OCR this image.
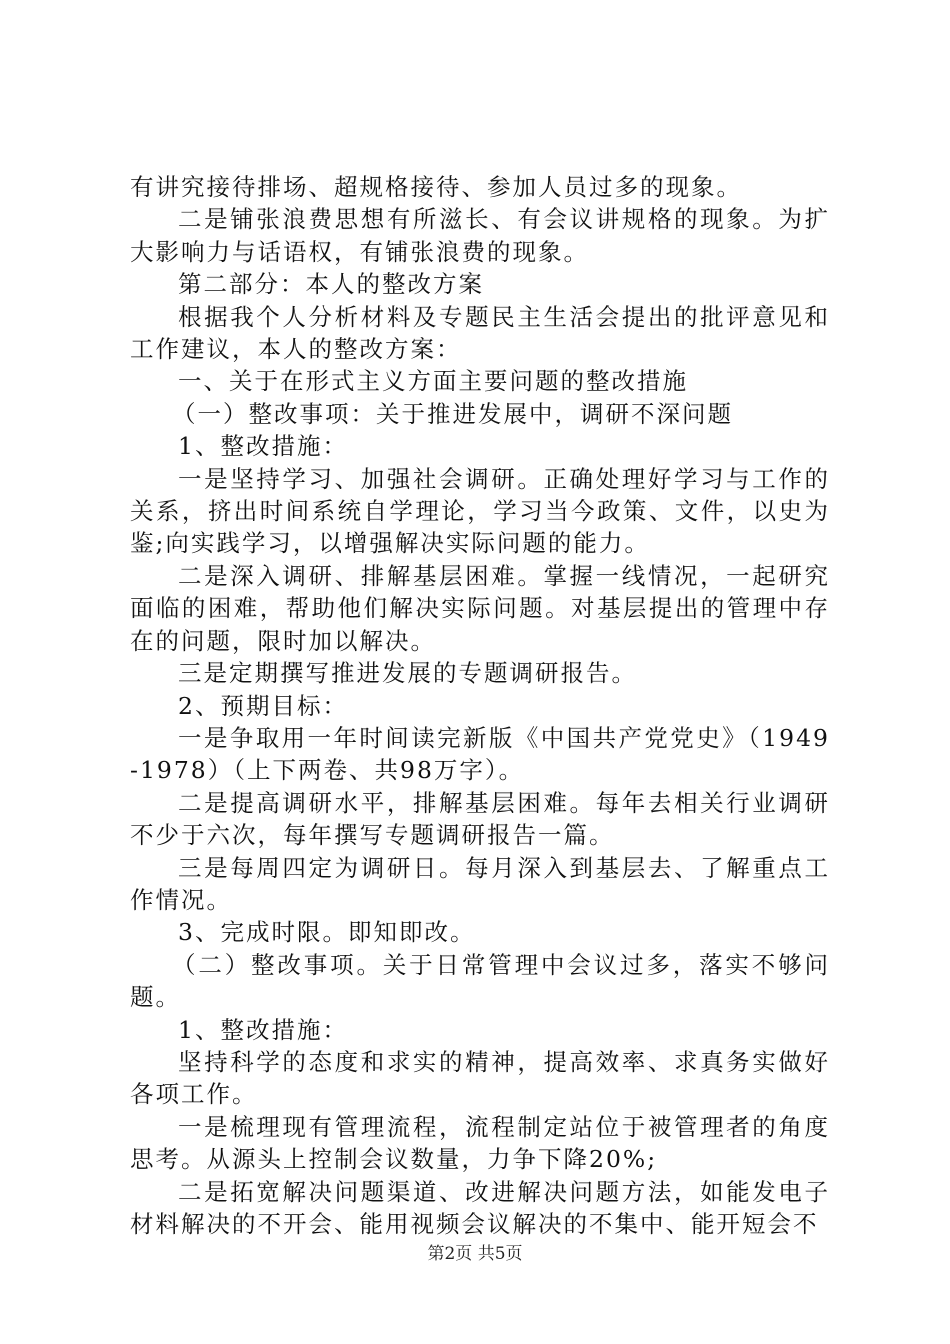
有讲究接待排场、超规格接待、参加人员过多的现象。

二是铺张浪费思想有所滋长、有会议讲规格的现象。为扩大影响力与话语权，有铺张浪费的现象。

第二部分：本人的整改方案

根据我个人分析材料及专题民主生活会提出的批评意见和工作建议，本人的整改方案：

一、关于在形式主义方面主要问题的整改措施

（一）整改事项：关于推进发展中，调研不深问题

1、整改措施：

一是坚持学习、加强社会调研。正确处理好学习与工作的关系，挤出时间系统自学理论，学习当今政策、文件，以史为鉴;向实践学习，以增强解决实际问题的能力。

二是深入调研、排解基层困难。掌握一线情况，一起研究面临的困难，帮助他们解决实际问题。对基层提出的管理中存在的问题，限时加以解决。

三是定期撰写推进发展的专题调研报告。

2、预期目标：

一是争取用一年时间读完新版《中国共产党党史》（1949-1978）（上下两卷、共98万字）。

二是提高调研水平，排解基层困难。每年去相关行业调研不少于六次，每年撰写专题调研报告一篇。

三是每周四定为调研日。每月深入到基层去、了解重点工作情况。

3、完成时限。即知即改。

（二）整改事项。关于日常管理中会议过多，落实不够问题。

1、整改措施：

坚持科学的态度和求实的精神，提高效率、求真务实做好各项工作。

一是梳理现有管理流程，流程制定站位于被管理者的角度思考。从源头上控制会议数量，力争下降20%;

二是拓宽解决问题渠道、改进解决问题方法，如能发电子材料解决的不开会、能用视频会议解决的不集中、能开短会不

第2页 共5页
